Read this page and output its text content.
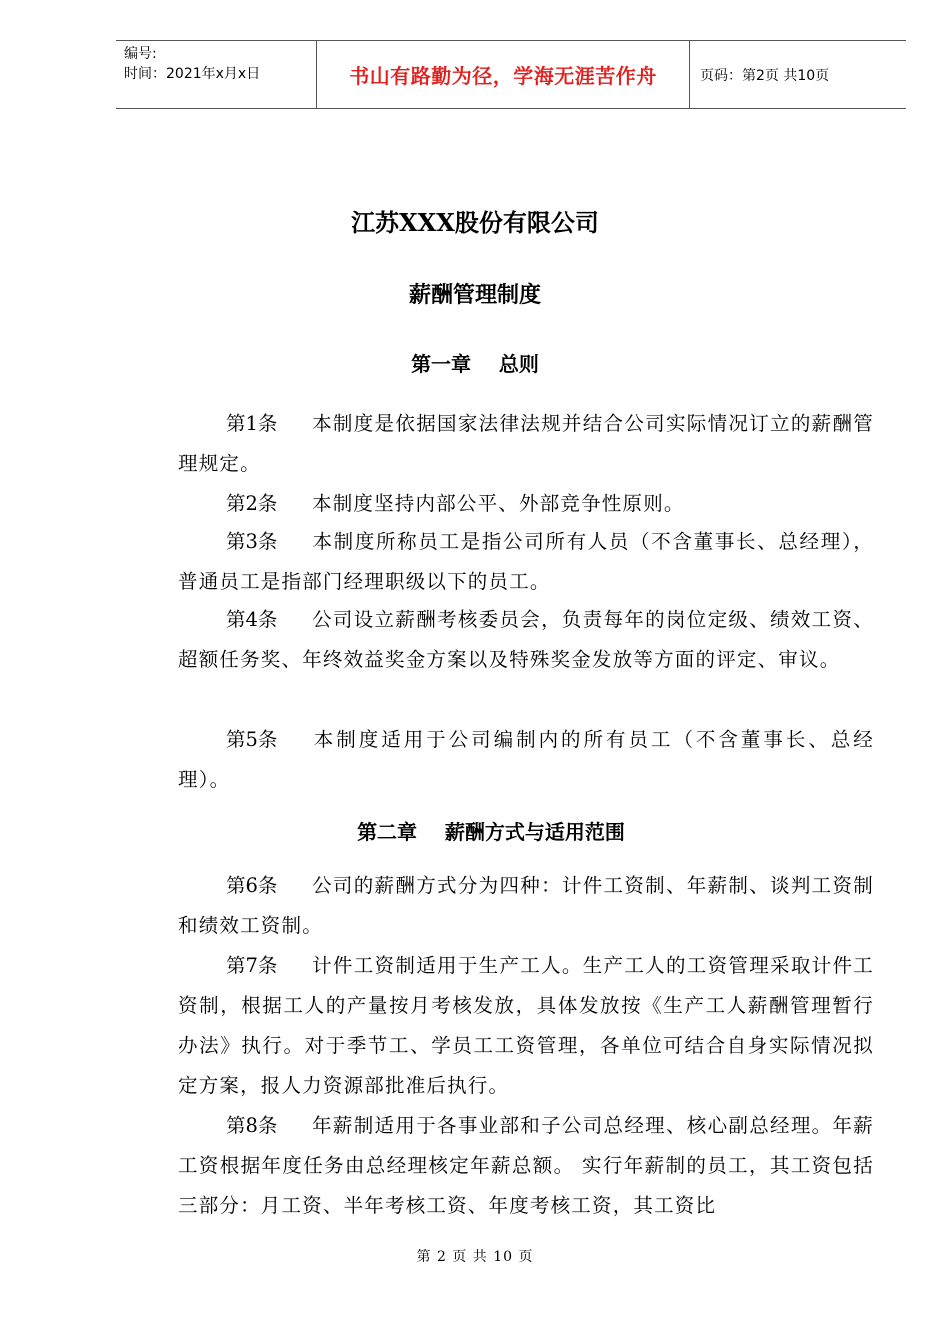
编号:
时间：2021年x月x日	书山有路勤为径，学海无涯苦作舟	页码：第2页 共10页
江苏XXX股份有限公司
薪酬管理制度
第一章    总则
第1条 本制度是依据国家法律法规并结合公司实际情况订立的薪酬管理规定。
第2条 本制度坚持内部公平、外部竞争性原则。
第3条 本制度所称员工是指公司所有人员（不含董事长、总经理），普通员工是指部门经理职级以下的员工。
第4条 公司设立薪酬考核委员会，负责每年的岗位定级、绩效工资、超额任务奖、年终效益奖金方案以及特殊奖金发放等方面的评定、审议。
第5条 本制度适用于公司编制内的所有员工（不含董事长、总经理）。
第二章    薪酬方式与适用范围
第6条 公司的薪酬方式分为四种：计件工资制、年薪制、谈判工资制和绩效工资制。
第7条 计件工资制适用于生产工人。生产工人的工资管理采取计件工资制，根据工人的产量按月考核发放，具体发放按《生产工人薪酬管理暂行办法》执行。对于季节工、学员工工资管理，各单位可结合自身实际情况拟定方案，报人力资源部批准后执行。
第8条 年薪制适用于各事业部和子公司总经理、核心副总经理。年薪工资根据年度任务由总经理核定年薪总额。 实行年薪制的员工，其工资包括三部分：月工资、半年考核工资、年度考核工资，其工资比
第 2 页 共 10 页
